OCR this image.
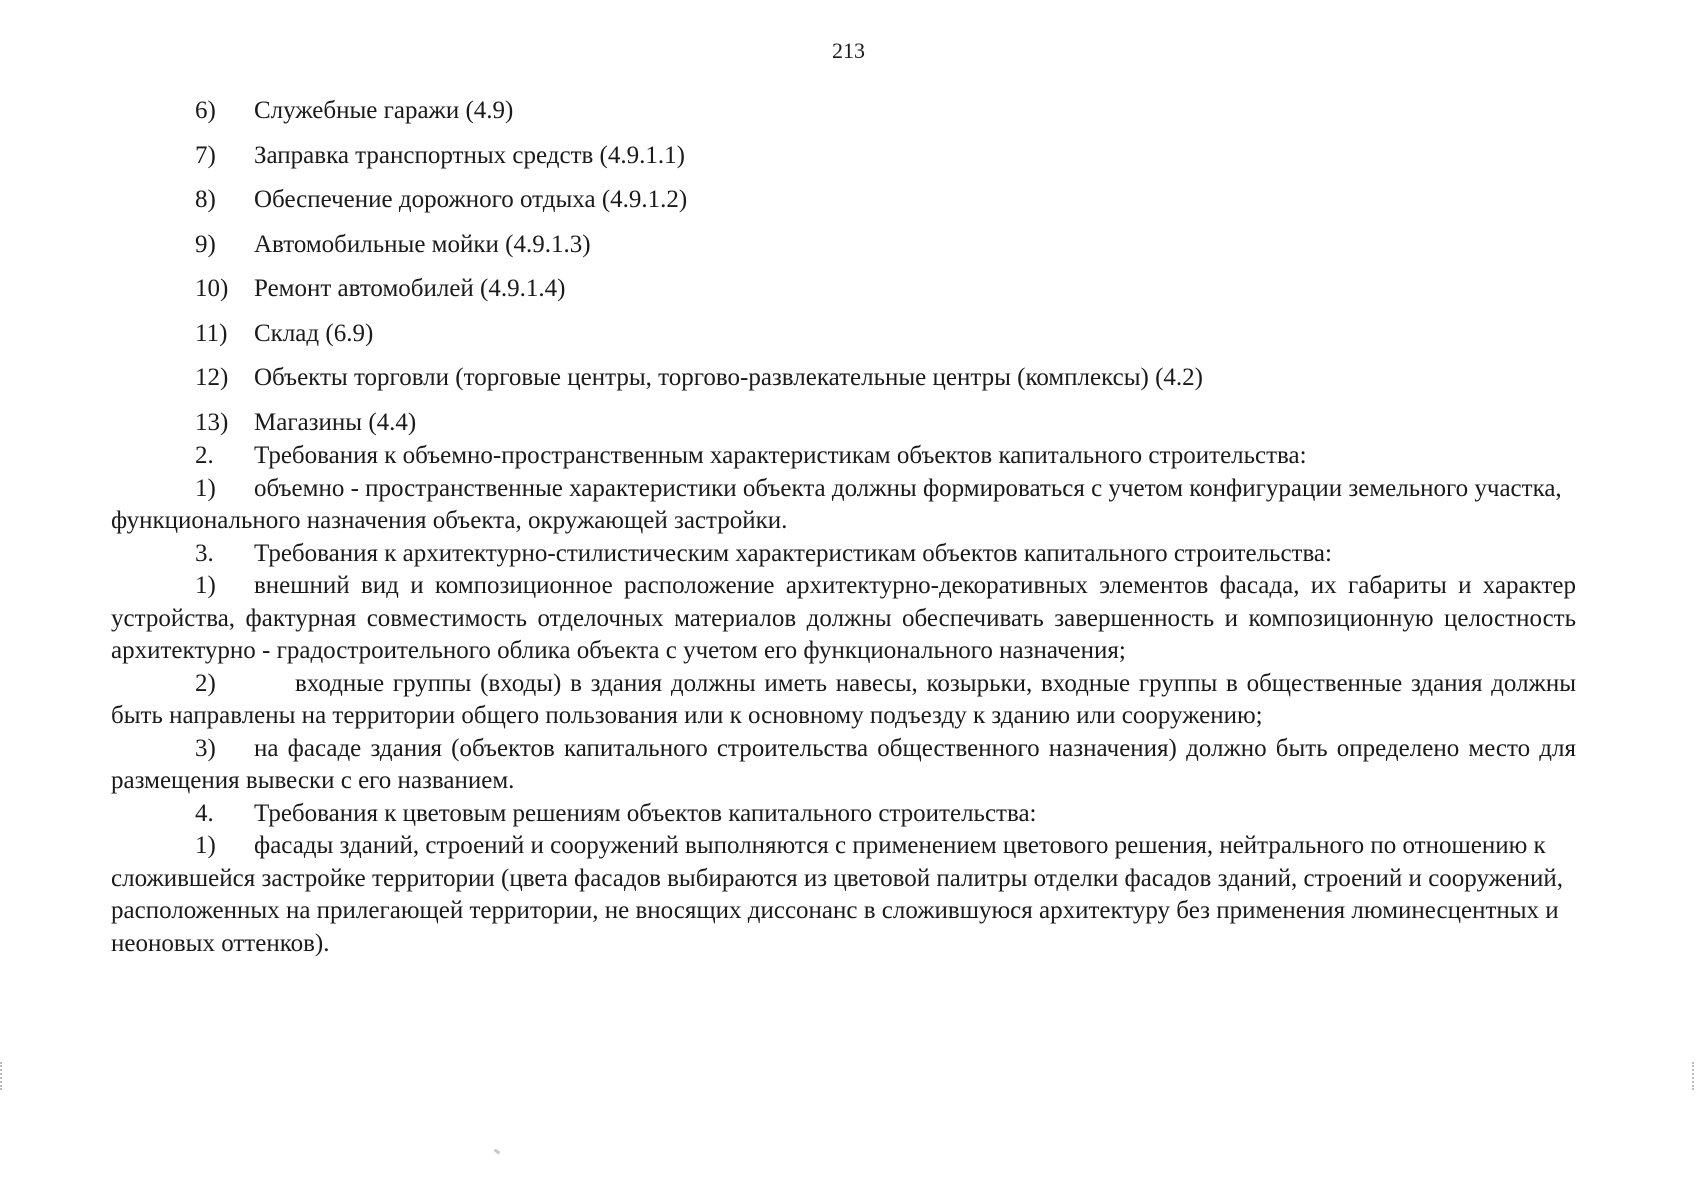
213
6)	Служебные гаражи (4.9)
7)	Заправка транспортных средств (4.9.1.1)
8)	Обеспечение дорожного отдыха (4.9.1.2)
9)	Автомобильные мойки (4.9.1.3)
10)	Ремонт автомобилей (4.9.1.4)
11)	Склад (6.9)
12)	Объекты торговли (торговые центры, торгово-развлекательные центры (комплексы) (4.2)
13)	Магазины (4.4)

2. Требования к объемно-пространственным характеристикам объектов капитального строительства:

1) объемно - пространственные характеристики объекта должны формироваться с учетом конфигурации земельного участка, функционального назначения объекта, окружающей застройки.

3. Требования к архитектурно-стилистическим характеристикам объектов капитального строительства:

1) внешний вид и композиционное расположение архитектурно-декоративных элементов фасада, их габариты и характер устройства, фактурная совместимость отделочных материалов должны обеспечивать завершенность и композиционную целостность архитектурно - градостроительного облика объекта с учетом его функционального назначения;

2)	входные группы (входы) в здания должны иметь навесы, козырьки, входные группы в общественные здания должны быть направлены на территории общего пользования или к основному подъезду к зданию или сооружению;

3) на фасаде здания (объектов капитального строительства общественного назначения) должно быть определено место для размещения вывески с его названием.

4. Требования к цветовым решениям объектов капитального строительства:

1) фасады зданий, строений и сооружений выполняются с применением цветового решения, нейтрального по отношению к сложившейся застройке территории (цвета фасадов выбираются из цветовой палитры отделки фасадов зданий, строений и сооружений, расположенных на прилегающей территории, не вносящих диссонанс в сложившуюся архитектуру без применения люминесцентных и неоновых оттенков).
